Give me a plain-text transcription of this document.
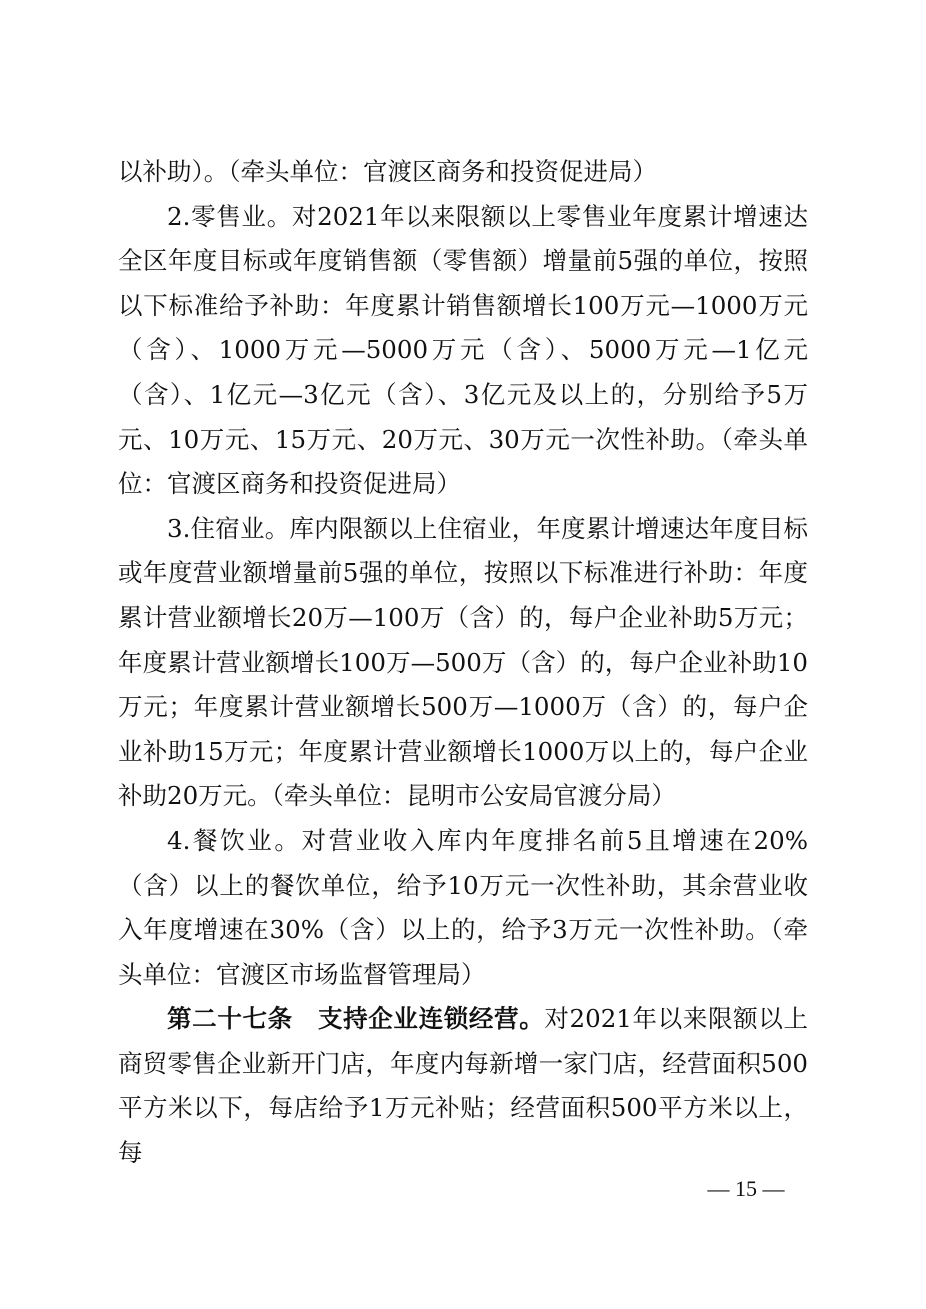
以补助）。（牵头单位：官渡区商务和投资促进局）

2.零售业。对2021年以来限额以上零售业年度累计增速达全区年度目标或年度销售额（零售额）增量前5强的单位，按照以下标准给予补助：年度累计销售额增长100万元—1000万元（含）、1000万元—5000万元（含）、5000万元—1亿元（含）、1亿元—3亿元（含）、3亿元及以上的，分别给予5万元、10万元、15万元、20万元、30万元一次性补助。（牵头单位：官渡区商务和投资促进局）

3.住宿业。库内限额以上住宿业，年度累计增速达年度目标或年度营业额增量前5强的单位，按照以下标准进行补助：年度累计营业额增长20万—100万（含）的，每户企业补助5万元；年度累计营业额增长100万—500万（含）的，每户企业补助10万元；年度累计营业额增长500万—1000万（含）的，每户企业补助15万元；年度累计营业额增长1000万以上的，每户企业补助20万元。（牵头单位：昆明市公安局官渡分局）

4.餐饮业。对营业收入库内年度排名前5且增速在20%（含）以上的餐饮单位，给予10万元一次性补助，其余营业收入年度增速在30%（含）以上的，给予3万元一次性补助。（牵头单位：官渡区市场监督管理局）

第二十七条　支持企业连锁经营。对2021年以来限额以上商贸零售企业新开门店，年度内每新增一家门店，经营面积500平方米以下，每店给予1万元补贴；经营面积500平方米以上，每

— 15 —
